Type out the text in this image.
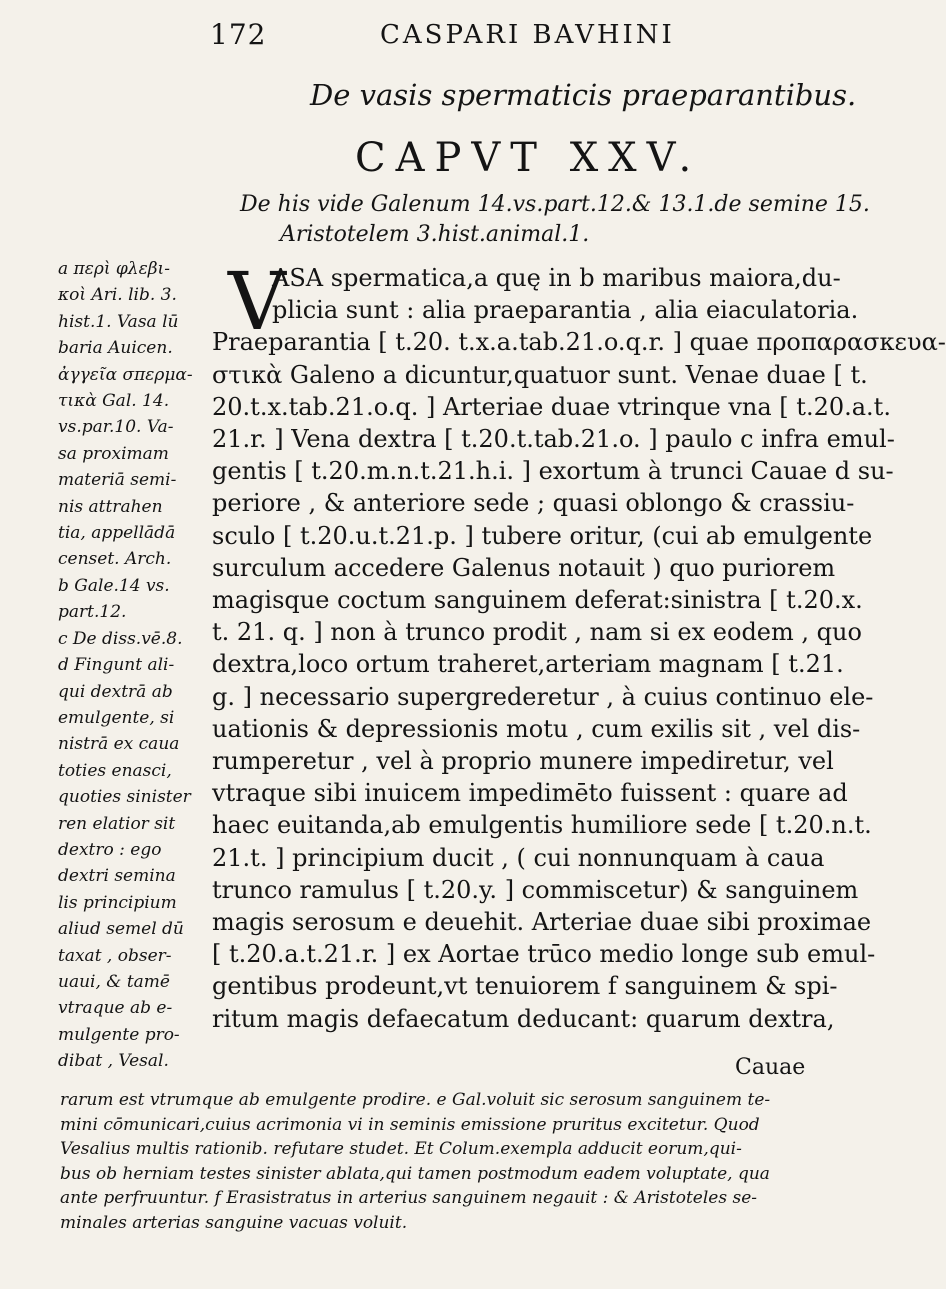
172	CASPARI BAVHINI
De vasis spermaticis praeparantibus.
CAPVT XXV.
De his vide Galenum 14.vs.part.12.& 13.1.de semine 15.
Aristotelem 3.hist.animal.1.
a περὶ φλεβι-
κοὶ Ari. lib. 3.
hist.1. Vasa lū
baria Auicen.
ἀγγεῖα σπερμα-
τικὰ Gal. 14.
vs.par.10. Va-
sa proximam
materiā semi-
nis attrahen
tia, appellādā
censet. Arch.
b Gale.14 vs.
part.12.
c De diss.vē.8.
d Fingunt ali-
qui dextrā ab
emulgente, si
nistrā ex caua
toties enasci,
quoties sinister
ren elatior sit
dextro : ego
dextri semina
lis principium
aliud semel dū
taxat , obser-
uaui, & tamē
vtraque ab e-
mulgente pro-
dibat , Vesal.
V
ASA spermatica,a quę in b maribus maiora,du-
plicia sunt : alia praeparantia , alia eiaculatoria.
Praeparantia [ t.20. t.x.a.tab.21.o.q.r. ] quae προπαρασκευα-
στικὰ Galeno a dicuntur,quatuor sunt. Venae duae [ t.
20.t.x.tab.21.o.q. ] Arteriae duae vtrinque vna [ t.20.a.t.
21.r. ] Vena dextra [ t.20.t.tab.21.o. ] paulo c infra emul-
gentis [ t.20.m.n.t.21.h.i. ] exortum à trunci Cauae d su-
periore , & anteriore sede ; quasi oblongo & crassiu-
sculo [ t.20.u.t.21.p. ] tubere oritur, (cui ab emulgente
surculum accedere Galenus notauit ) quo puriorem
magisque coctum sanguinem deferat:sinistra [ t.20.x.
t. 21. q. ] non à trunco prodit , nam si ex eodem , quo
dextra,loco ortum traheret,arteriam magnam [ t.21.
g. ] necessario supergrederetur , à cuius continuo ele-
uationis & depressionis motu , cum exilis sit , vel dis-
rumperetur , vel à proprio munere impediretur, vel
vtraque sibi inuicem impedimēto fuissent : quare ad
haec euitanda,ab emulgentis humiliore sede [ t.20.n.t.
21.t. ] principium ducit , ( cui nonnunquam à caua
trunco ramulus [ t.20.y. ] commiscetur) & sanguinem
magis serosum e deuehit. Arteriae duae sibi proximae
[ t.20.a.t.21.r. ] ex Aortae trūco medio longe sub emul-
gentibus prodeunt,vt tenuiorem f sanguinem & spi-
ritum magis defaecatum deducant: quarum dextra,
Cauae
rarum est vtrumque ab emulgente prodire. e Gal.voluit sic serosum sanguinem te-
mini cōmunicari,cuius acrimonia vi in seminis emissione pruritus excitetur. Quod
Vesalius multis rationib. refutare studet. Et Colum.exempla adducit eorum,qui-
bus ob herniam testes sinister ablata,qui tamen postmodum eadem voluptate, qua
ante perfruuntur. f Erasistratus in arterius sanguinem negauit : & Aristoteles se-
minales arterias sanguine vacuas voluit.
